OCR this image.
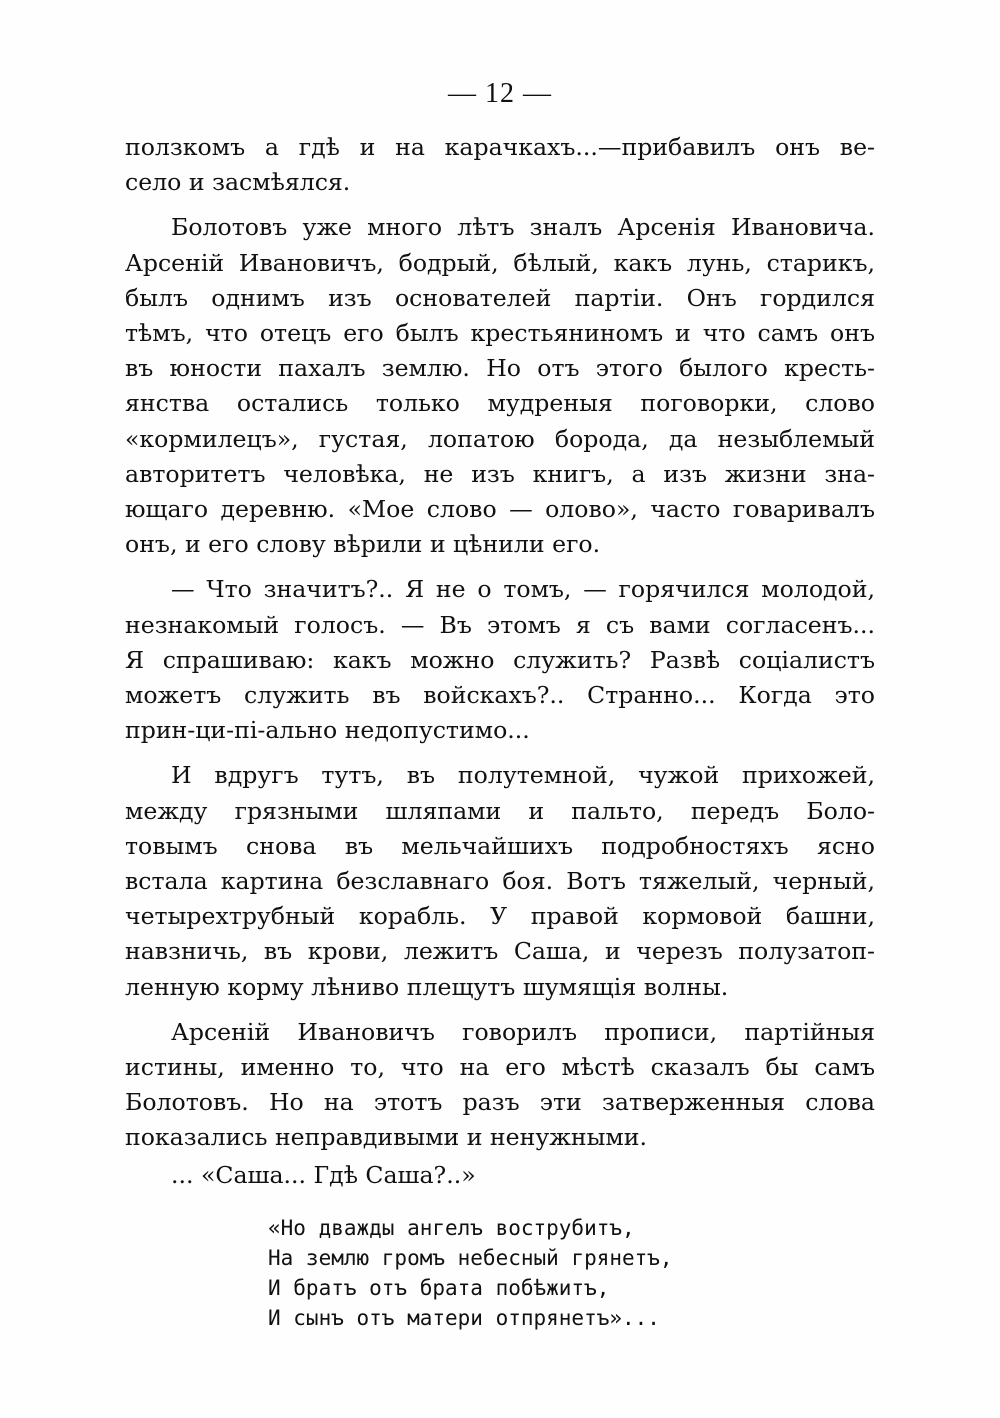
— 12 —
ползкомъ а гдѣ и на карачкахъ...—прибавилъ онъ ве-
село и засмѣялся.
Болотовъ уже много лѣтъ зналъ Арсенія Ивановича.
Арсеній Ивановичъ, бодрый, бѣлый, какъ лунь, старикъ,
былъ однимъ изъ основателей партіи. Онъ гордился
тѣмъ, что отецъ его былъ крестьяниномъ и что самъ онъ
въ юности пахалъ землю. Но отъ этого былого кресть-
янства остались только мудреныя поговорки, слово
«кормилецъ», густая, лопатою борода, да незыблемый
авторитетъ человѣка, не изъ книгъ, а изъ жизни зна-
ющаго деревню. «Мое слово — олово», часто говаривалъ
онъ, и его слову вѣрили и цѣнили его.
— Что значитъ?.. Я не о томъ, — горячился молодой,
незнакомый голосъ. — Въ этомъ я съ вами согласенъ...
Я спрашиваю: какъ можно служить? Развѣ соціалистъ
можетъ служить въ войскахъ?.. Странно... Когда это
прин-ци-пі-ально недопустимо...
И вдругъ тутъ, въ полутемной, чужой прихожей,
между грязными шляпами и пальто, передъ Боло-
товымъ снова въ мельчайшихъ подробностяхъ ясно
встала картина безславнаго боя. Вотъ тяжелый, черный,
четырехтрубный корабль. У правой кормовой башни,
навзничь, въ крови, лежитъ Саша, и черезъ полузатоп-
ленную корму лѣниво плещутъ шумящія волны.
Арсеній Ивановичъ говорилъ прописи, партійныя
истины, именно то, что на его мѣстѣ сказалъ бы самъ
Болотовъ. Но на этотъ разъ эти затверженныя слова
показались неправдивыми и ненужными.
... «Саша... Гдѣ Саша?..»
«Но дважды ангелъ вострубитъ,
На землю громъ небесный грянетъ,
И братъ отъ брата побѣжитъ,
И сынъ отъ матери отпрянетъ»...
